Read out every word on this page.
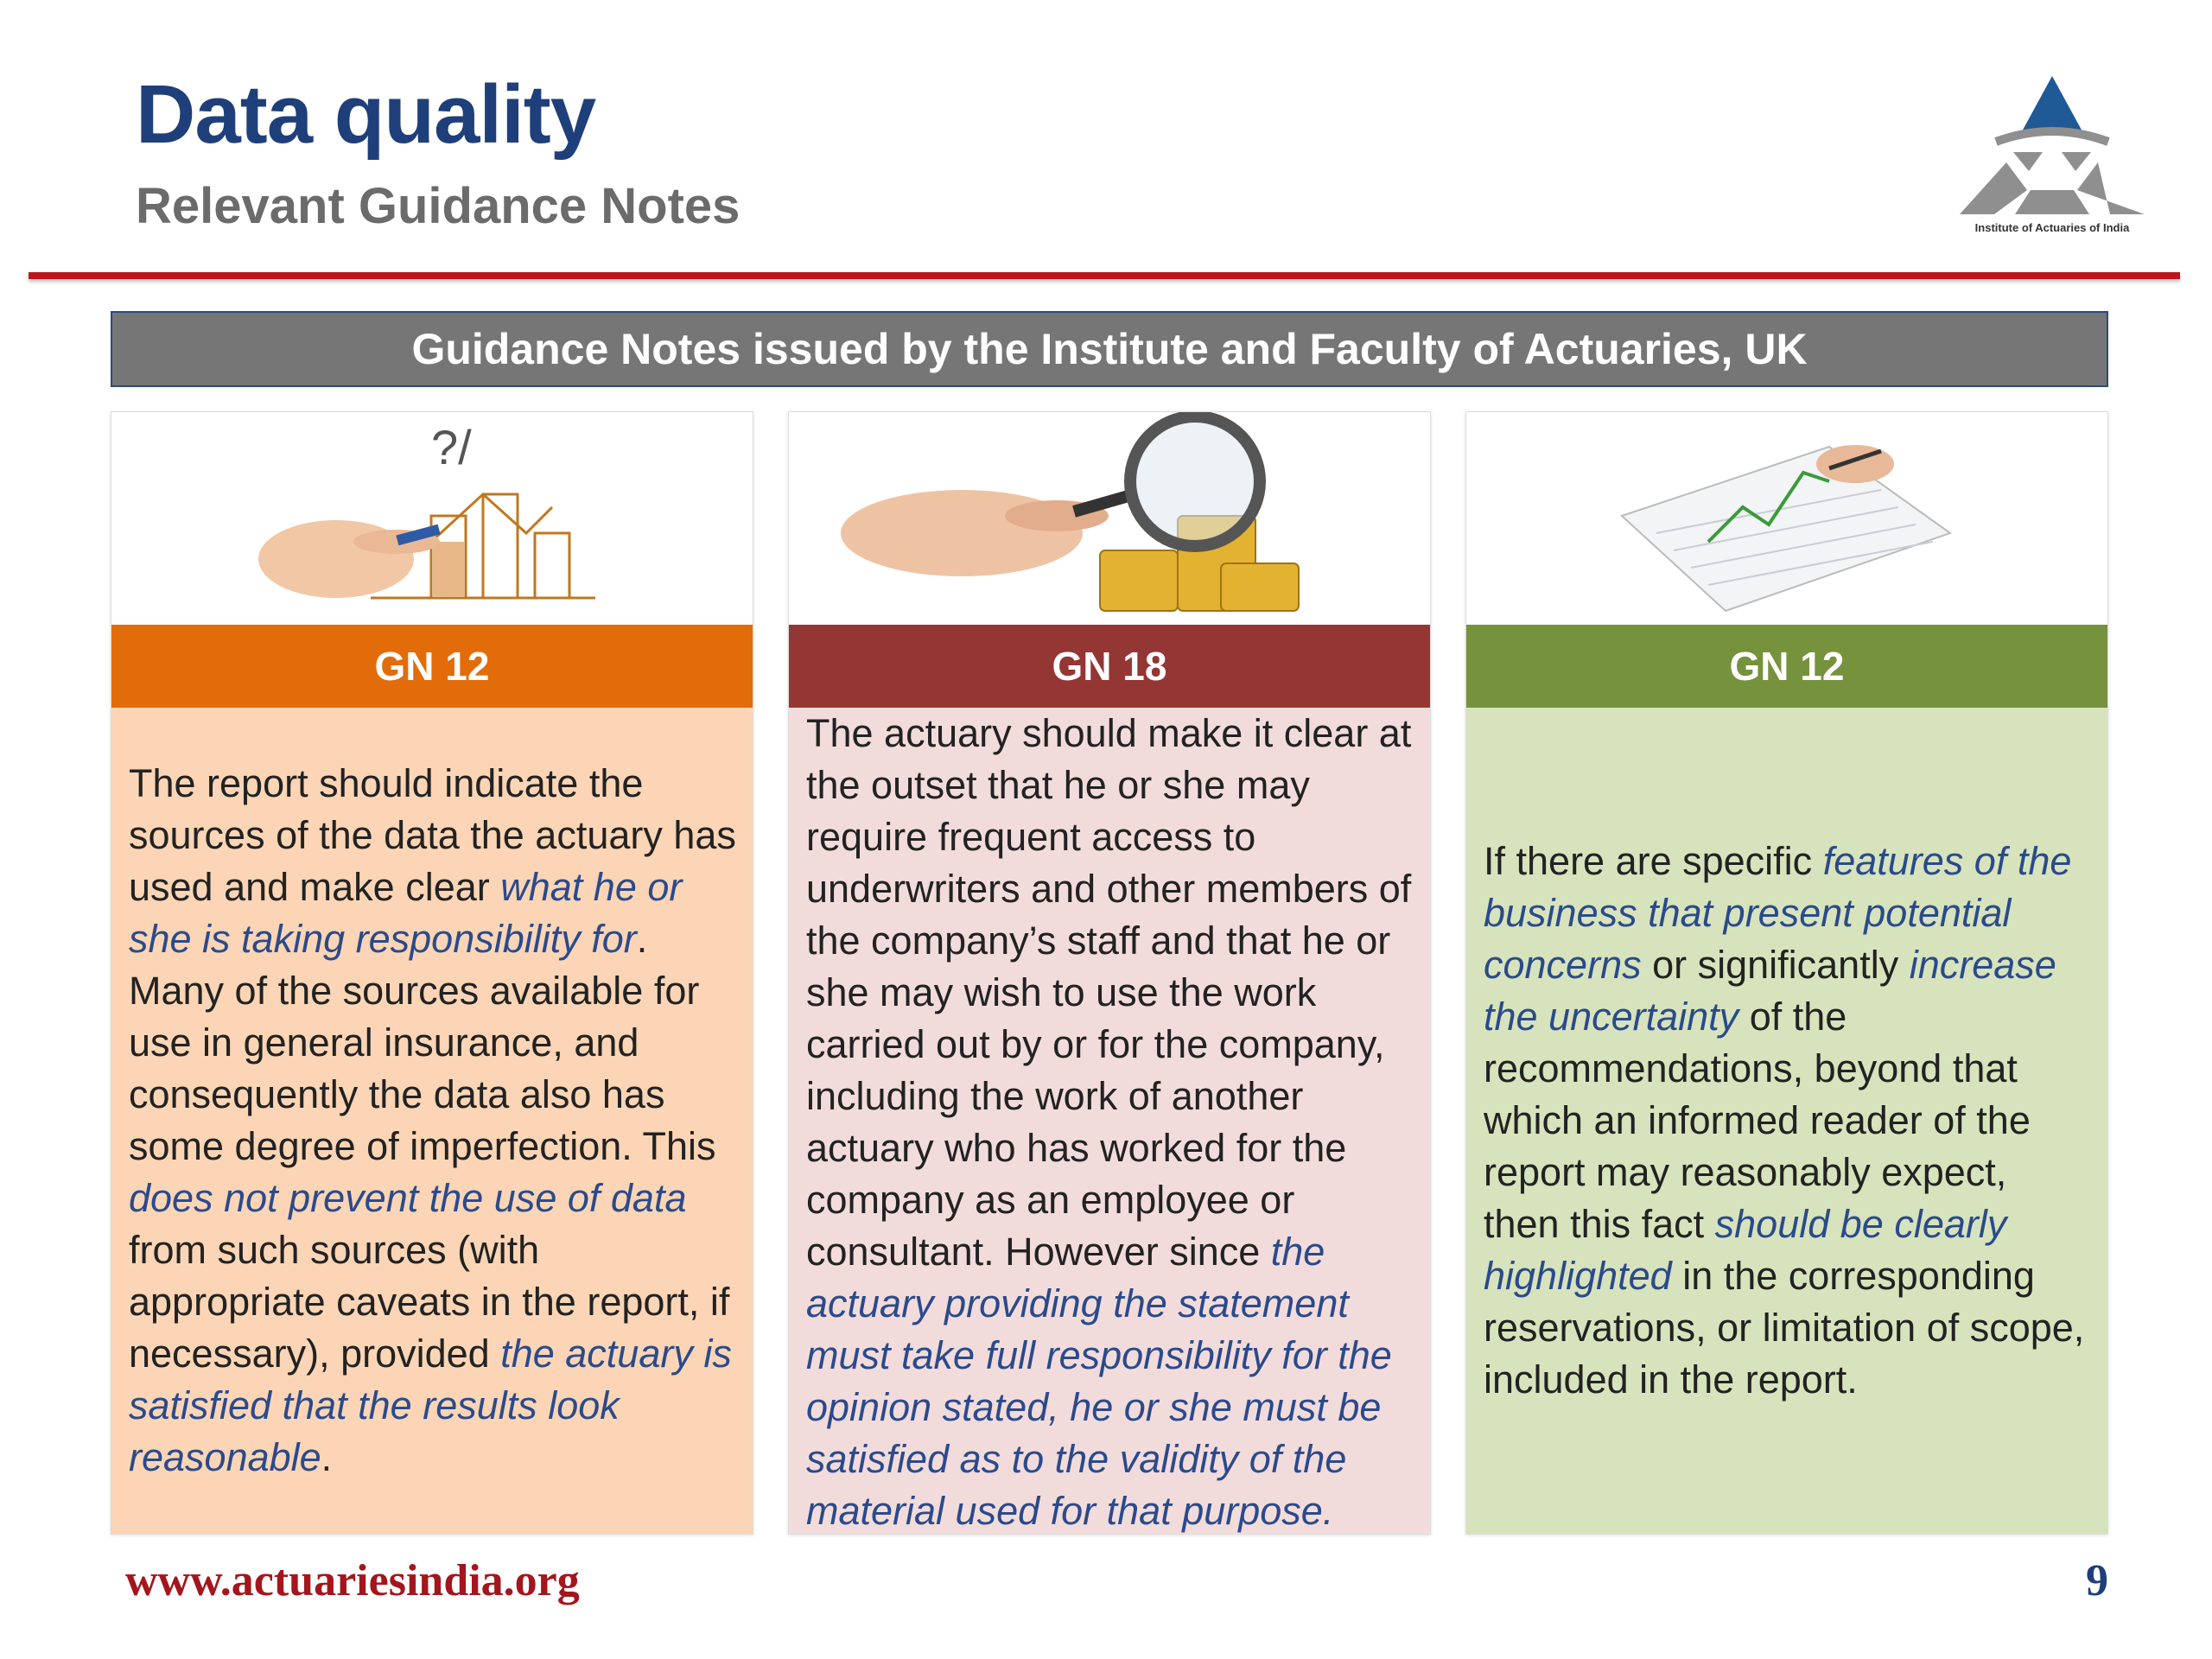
Data quality
Relevant Guidance Notes	Institute of Actuaries of India
Guidance Notes issued by the Institute and Faculty of Actuaries, UK
?/
GN 12

The report should indicate the sources of the data the actuary has used and make clear what he or she is taking responsibility for. Many of the sources available for use in general insurance, and consequently the data also has some degree of imperfection. This does not prevent the use of data from such sources (with appropriate caveats in the report, if necessary), provided the actuary is satisfied that the results look reasonable.

GN 18

The actuary should make it clear at the outset that he or she may require frequent access to underwriters and other members of the company’s staff and that he or she may wish to use the work carried out by or for the company, including the work of another actuary who has worked for the company as an employee or consultant. However since the actuary providing the statement must take full responsibility for the opinion stated, he or she must be satisfied as to the validity of the material used for that purpose.

GN 12

If there are specific features of the business that present potential concerns or significantly increase the uncertainty of the recommendations, beyond that which an informed reader of the report may reasonably expect, then this fact should be clearly highlighted in the corresponding reservations, or limitation of scope, included in the report.

www.actuariesindia.org	9
